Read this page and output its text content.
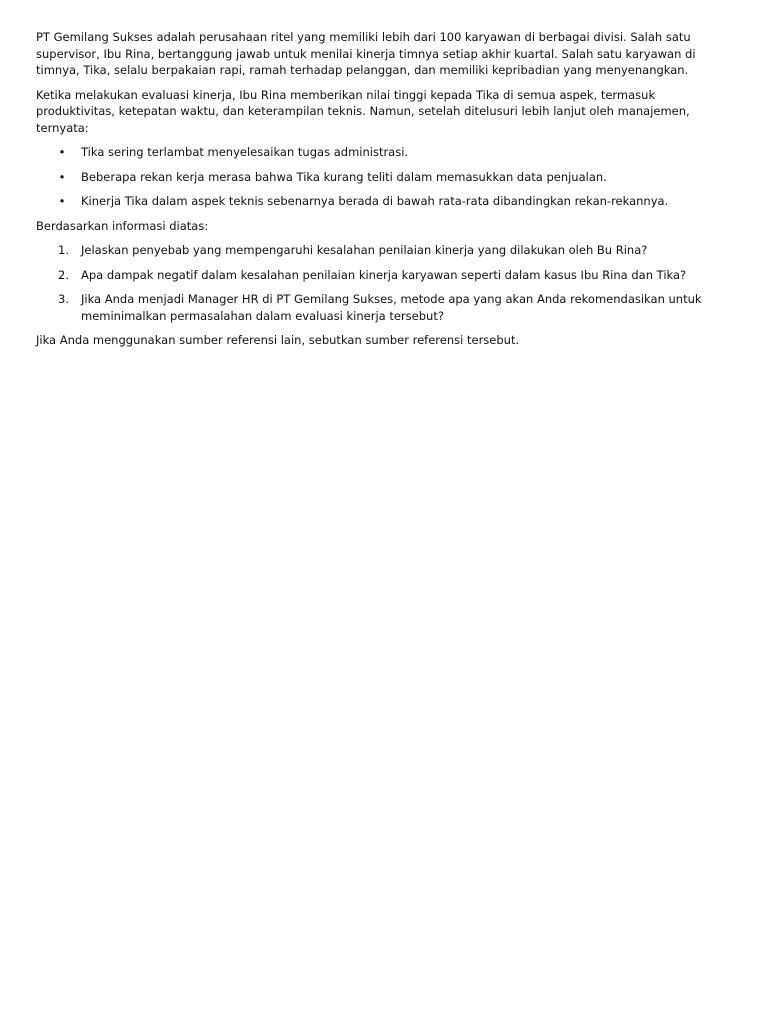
PT Gemilang Sukses adalah perusahaan ritel yang memiliki lebih dari 100 karyawan di berbagai divisi. Salah satu supervisor, Ibu Rina, bertanggung jawab untuk menilai kinerja timnya setiap akhir kuartal. Salah satu karyawan di timnya, Tika, selalu berpakaian rapi, ramah terhadap pelanggan, dan memiliki kepribadian yang menyenangkan.

Ketika melakukan evaluasi kinerja, Ibu Rina memberikan nilai tinggi kepada Tika di semua aspek, termasuk produktivitas, ketepatan waktu, dan keterampilan teknis. Namun, setelah ditelusuri lebih lanjut oleh manajemen, ternyata:

• Tika sering terlambat menyelesaikan tugas administrasi.
• Beberapa rekan kerja merasa bahwa Tika kurang teliti dalam memasukkan data penjualan.
• Kinerja Tika dalam aspek teknis sebenarnya berada di bawah rata-rata dibandingkan rekan-rekannya.

Berdasarkan informasi diatas:

1. Jelaskan penyebab yang mempengaruhi kesalahan penilaian kinerja yang dilakukan oleh Bu Rina?
2. Apa dampak negatif dalam kesalahan penilaian kinerja karyawan seperti dalam kasus Ibu Rina dan Tika?
3. Jika Anda menjadi Manager HR di PT Gemilang Sukses, metode apa yang akan Anda rekomendasikan untuk meminimalkan permasalahan dalam evaluasi kinerja tersebut?

Jika Anda menggunakan sumber referensi lain, sebutkan sumber referensi tersebut.
